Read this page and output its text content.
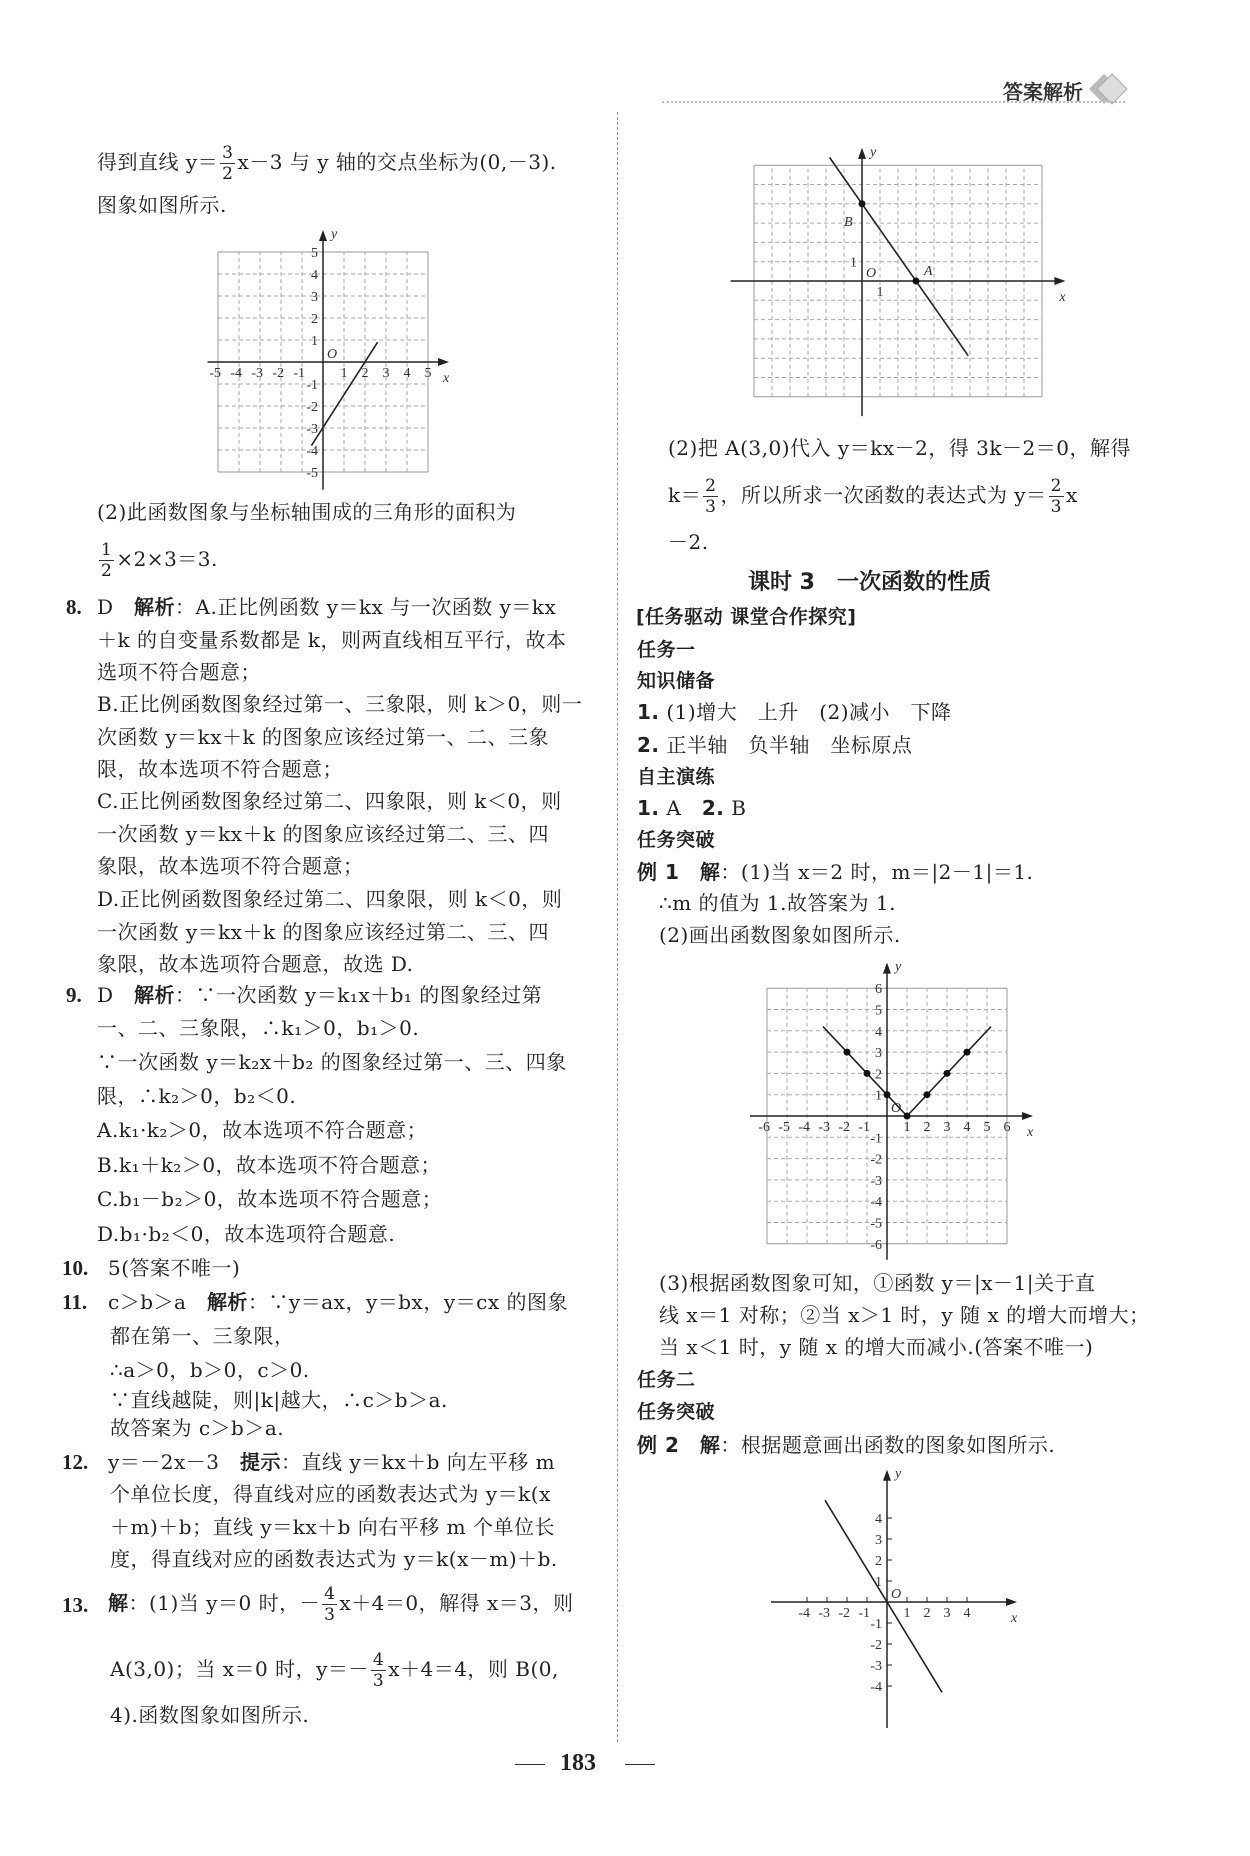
答案解析
得到直线 $y= \frac{3}{2} x-3$ 与 y 轴的交点坐标为(0,－3).
图象如图所示.
(2)此函数图象与坐标轴围成的三角形的面积为
$\frac{1}{2} \times 2\times 3=3$.
8. D　 解析：A.正比例函数 y＝kx 与一次函数 y＝kx
＋k 的自变量系数都是 k，则两直线相互平行，故本
选项不符合题意；
B.正比例函数图象经过第一、三象限，则 k＞0，则一
次函数 y＝kx＋k 的图象应该经过第一、二、三象
限，故本选项不符合题意；
C.正比例函数图象经过第二、四象限，则 k＜0，则
一次函数 y＝kx＋k 的图象应该经过第二、三、四
象限，故本选项不符合题意；
D.正比例函数图象经过第二、四象限，则 k＜0，则
一次函数 y＝kx＋k 的图象应该经过第二、三、四
象限，故本选项符合题意，故选 D.
9. D　 解析：∵一次函数 y＝k₁x＋b₁ 的图象经过第
一、二、三象限，∴k₁＞0，b₁＞0.
∵一次函数 y＝k₂x＋b₂ 的图象经过第一、三、四象
限，∴k₂＞0，b₂＜0.
A.k₁·k₂＞0，故本选项不符合题意；
B.k₁＋k₂＞0，故本选项不符合题意；
C.b₁－b₂＞0，故本选项不符合题意；
D.b₁·b₂＜0，故本选项符合题意.
10. 5(答案不唯一)
11. c＞b＞a　 解析：∵y＝ax，y＝bx，y＝cx 的图象
都在第一、三象限，
∴a＞0，b＞0，c＞0.
∵直线越陡，则|k|越大，∴c＞b＞a.
故答案为 c＞b＞a.
12. y＝－2x－3　 提示：直线 y＝kx＋b 向左平移 m
个单位长度，得直线对应的函数表达式为 y＝k(x
＋m)＋b；直线 y＝kx＋b 向右平移 m 个单位长
度，得直线对应的函数表达式为 y＝k(x－m)＋b.
13. 解：(1)当 y＝0 时，－ $\frac{4}{3} x+4=0$，解得 x＝3，则
A(3,0)；当 x＝0 时，$y=- \frac{4}{3} x+4=4$，则 B(0,
4).函数图象如图所示.
(2)把 A(3,0)代入 y＝kx－2，得 3k－2＝0，解得
$k= \frac{2}{3}$ ，所以所求一次函数的表达式为 $y= \frac{2}{3}$ x
－2.
课时 3　一次函数的性质
[任务驱动 课堂合作探究]
任务一
知识储备
1. (1)增大　上升　(2)减小　下降
2. 正半轴　负半轴　坐标原点
自主演练
1. A　 2. B
任务突破
例 1　 解：(1)当 x＝2 时，m＝|2－1|＝1.
∴m 的值为 1.故答案为 1.
(2)画出函数图象如图所示.
(3)根据函数图象可知，①函数 y＝|x－1|关于直
线 x＝1 对称；②当 x＞1 时，y 随 x 的增大而增大；
当 x＜1 时，y 随 x 的增大而减小.(答案不唯一)
任务二
任务突破
例 2　 解：根据题意画出函数的图象如图所示.
183
x
y
O
-5 -4 -3 -2 -1	1 2 3 4 5
-5
-4
-3
-2
-1
1
2
3
4
5
x
y
O
1
1
A
B
x
y
O
-6 -5 -4 -3 -2 -1 1 2 3 4 5 6
-6
-5
-4
-3
-2
-1
1
2
3
4
5
6
x
y
O
-4 -3 -2 -1 1 2 3 4
-4
-3
-2
-1
1
2
3
4
